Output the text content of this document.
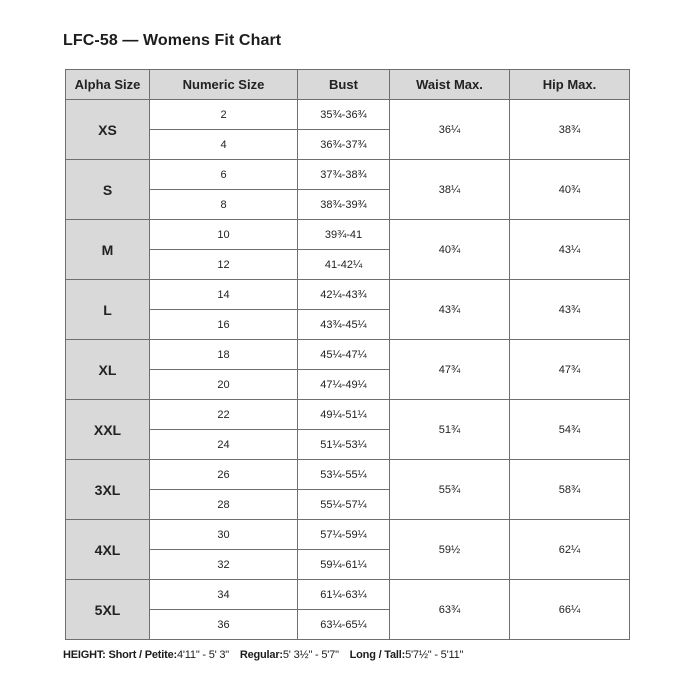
LFC-58 — Womens Fit Chart
Alpha Size	Numeric Size	Bust	Waist Max.	Hip Max.
XS	2	35¾-36¾	36¼	38¾
	4	36¾-37¾		
S	6	37¾-38¾	38¼	40¾
	8	38¾-39¾		
M	10	39¾-41	40¾	43¼
	12	41-42¼		
L	14	42¼-43¾	43¾	43¾
	16	43¾-45¼		
XL	18	45¼-47¼	47¾	47¾
	20	47¼-49¼		
XXL	22	49¼-51¼	51¾	54¾
	24	51¼-53¼		
3XL	26	53¼-55¼	55¾	58¾
	28	55¼-57¼		
4XL	30	57¼-59¼	59½	62¼
	32	59¼-61¼		
5XL	34	61¼-63¼	63¾	66¼
	36	63¼-65¼		
HEIGHT: Short / Petite:4'11" - 5' 3" Regular:5' 3½" - 5'7" Long / Tall:5'7½" - 5'11"
